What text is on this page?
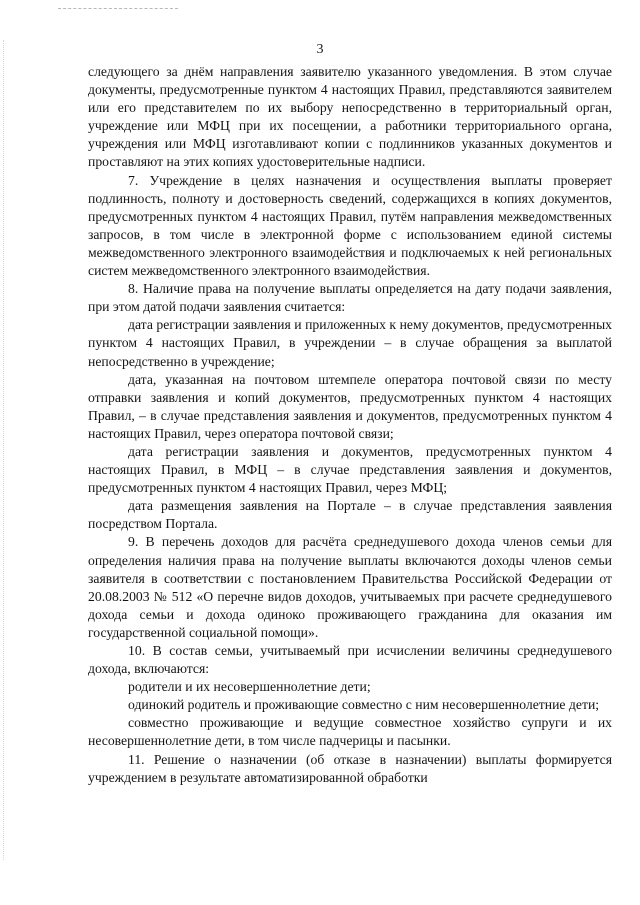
3

следующего за днём направления заявителю указанного уведомления. В этом случае документы, предусмотренные пунктом 4 настоящих Правил, представляются заявителем или его представителем по их выбору непосредственно в территориальный орган, учреждение или МФЦ при их посещении, а работники территориального органа, учреждения или МФЦ изготавливают копии с подлинников указанных документов и проставляют на этих копиях удостоверительные надписи.

7. Учреждение в целях назначения и осуществления выплаты проверяет подлинность, полноту и достоверность сведений, содержащихся в копиях документов, предусмотренных пунктом 4 настоящих Правил, путём направления межведомственных запросов, в том числе в электронной форме с использованием единой системы межведомственного электронного взаимодействия и подключаемых к ней региональных систем межведомственного электронного взаимодействия.

8. Наличие права на получение выплаты определяется на дату подачи заявления, при этом датой подачи заявления считается:

дата регистрации заявления и приложенных к нему документов, предусмотренных пунктом 4 настоящих Правил, в учреждении – в случае обращения за выплатой непосредственно в учреждение;

дата, указанная на почтовом штемпеле оператора почтовой связи по месту отправки заявления и копий документов, предусмотренных пунктом 4 настоящих Правил, – в случае представления заявления и документов, предусмотренных пунктом 4 настоящих Правил, через оператора почтовой связи;

дата регистрации заявления и документов, предусмотренных пунктом 4 настоящих Правил, в МФЦ – в случае представления заявления и документов, предусмотренных пунктом 4 настоящих Правил, через МФЦ;

дата размещения заявления на Портале – в случае представления заявления посредством Портала.

9. В перечень доходов для расчёта среднедушевого дохода членов семьи для определения наличия права на получение выплаты включаются доходы членов семьи заявителя в соответствии с постановлением Правительства Российской Федерации от 20.08.2003 № 512 «О перечне видов доходов, учитываемых при расчете среднедушевого дохода семьи и дохода одиноко проживающего гражданина для оказания им государственной социальной помощи».

10. В состав семьи, учитываемый при исчислении величины среднедушевого дохода, включаются:

родители и их несовершеннолетние дети;

одинокий родитель и проживающие совместно с ним несовершеннолетние дети;

совместно проживающие и ведущие совместное хозяйство супруги и их несовершеннолетние дети, в том числе падчерицы и пасынки.

11. Решение о назначении (об отказе в назначении) выплаты формируется учреждением в результате автоматизированной обработки
